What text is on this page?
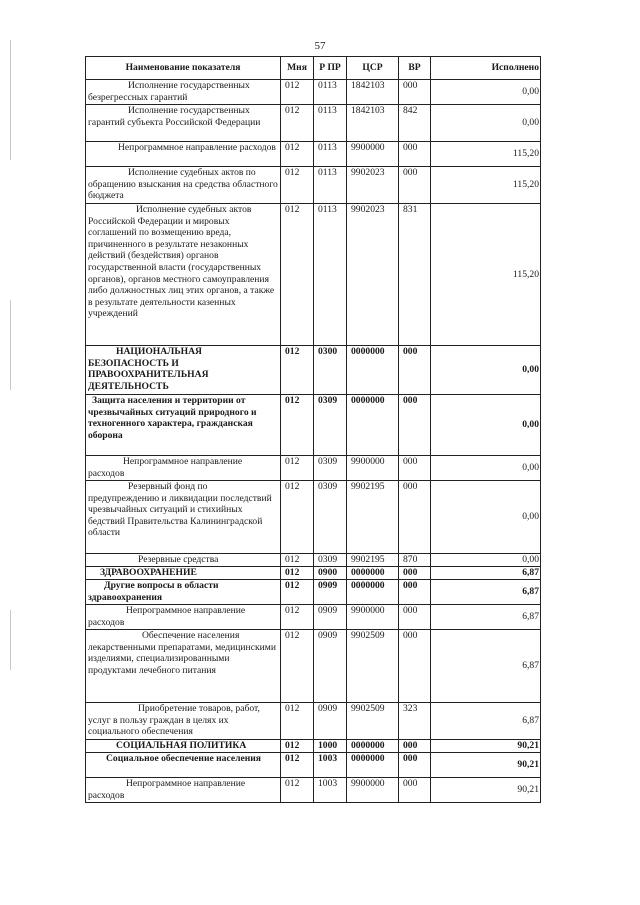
57
Наименование показателя	Мня	Р ПР	ЦСР	ВР	Исполнено
Исполнение государственных безрегрессных гарантий	012	0113	1842103	000	0,00
Исполнение государственных гарантий субъекта Российской Федерации	012	0113	1842103	842	0,00
Непрограммное направление расходов	012	0113	9900000	000	115,20
Исполнение судебных актов по обращению взыскания на средства областного бюджета	012	0113	9902023	000	115,20
Исполнение судебных актов Российской Федерации и мировых соглашений по возмещению вреда, причиненного в результате незаконных действий (бездействия) органов государственной власти (государственных органов), органов местного самоуправления либо должностных лиц этих органов, а также в результате деятельности казенных учреждений	012	0113	9902023	831	115,20
НАЦИОНАЛЬНАЯ БЕЗОПАСНОСТЬ И ПРАВООХРАНИТЕЛЬНАЯ ДЕЯТЕЛЬНОСТЬ	012	0300	0000000	000	0,00
Защита населения и территории от чрезвычайных ситуаций природного и техногенного характера, гражданская оборона	012	0309	0000000	000	0,00
Непрограммное направление расходов	012	0309	9900000	000	0,00
Резервный фонд по предупреждению и ликвидации последствий чрезвычайных ситуаций и стихийных бедствий Правительства Калининградской области	012	0309	9902195	000	0,00
Резервные средства	012	0309	9902195	870	0,00
ЗДРАВООХРАНЕНИЕ	012	0900	0000000	000	6,87
Другие вопросы в области здравоохранения	012	0909	0000000	000	6,87
Непрограммное направление расходов	012	0909	9900000	000	6,87
Обеспечение населения лекарственными препаратами, медицинскими изделиями, специализированными продуктами лечебного питания	012	0909	9902509	000	6,87
Приобретение товаров, работ, услуг в пользу граждан в целях их социального обеспечения	012	0909	9902509	323	6,87
СОЦИАЛЬНАЯ ПОЛИТИКА	012	1000	0000000	000	90,21
Социальное обеспечение населения	012	1003	0000000	000	90,21
Непрограммное направление расходов	012	1003	9900000	000	90,21
